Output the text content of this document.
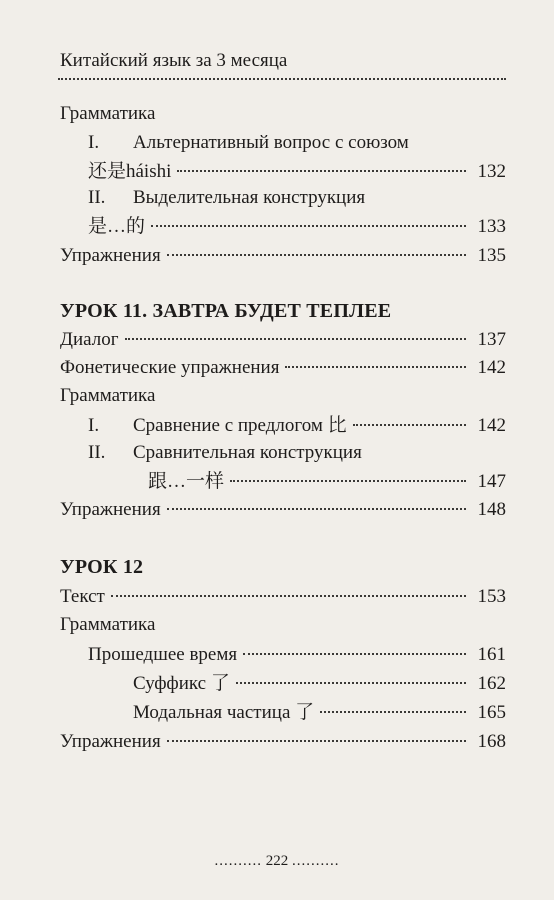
Китайский язык за 3 месяца
Грамматика
I.	Альтернативный вопрос с союзом
还是háishi	132
II.	Выделительная конструкция
是…的	133
Упражнения	135
УРОК 11. ЗАВТРА БУДЕТ ТЕПЛЕЕ
Диалог	137
Фонетические упражнения	142
Грамматика
I.	Сравнение с предлогом 比	142
II.	Сравнительная конструкция
跟…一样	147
Упражнения	148
УРОК 12
Текст	153
Грамматика
Прошедшее время	161
Суффикс 了	162
Модальная частица 了	165
Упражнения	168
.......... 222 ..........
